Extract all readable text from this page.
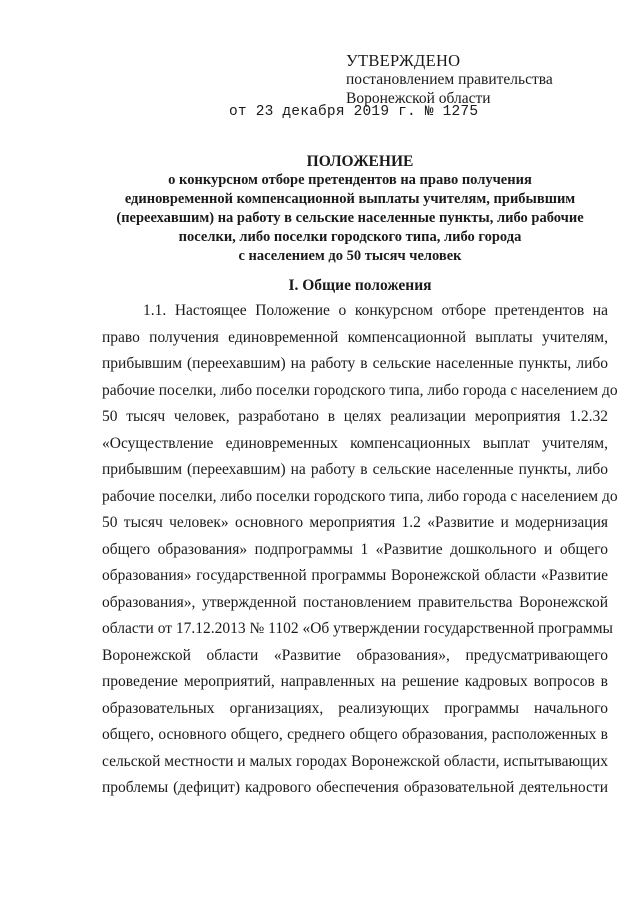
УТВЕРЖДЕНО
постановлением правительства
Воронежской области
от 23 декабря 2019 г. № 1275
ПОЛОЖЕНИЕ
о конкурсном отборе претендентов на право получения
единовременной компенсационной выплаты учителям, прибывшим
(переехавшим) на работу в сельские населенные пункты, либо рабочие
поселки, либо поселки городского типа, либо города
с населением до 50 тысяч человек
I. Общие положения
1.1. Настоящее Положение о конкурсном отборе претендентов на
право получения единовременной компенсационной выплаты учителям,
прибывшим (переехавшим) на работу в сельские населенные пункты, либо
рабочие поселки, либо поселки городского типа, либо города с населением до
50 тысяч человек, разработано в целях реализации мероприятия 1.2.32
«Осуществление единовременных компенсационных выплат учителям,
прибывшим (переехавшим) на работу в сельские населенные пункты, либо
рабочие поселки, либо поселки городского типа, либо города с населением до
50 тысяч человек» основного мероприятия 1.2 «Развитие и модернизация
общего образования» подпрограммы 1 «Развитие дошкольного и общего
образования» государственной программы Воронежской области «Развитие
образования», утвержденной постановлением правительства Воронежской
области от 17.12.2013 № 1102 «Об утверждении государственной программы
Воронежской области «Развитие образования», предусматривающего
проведение мероприятий, направленных на решение кадровых вопросов в
образовательных организациях, реализующих программы начального
общего, основного общего, среднего общего образования, расположенных в
сельской местности и малых городах Воронежской области, испытывающих
проблемы (дефицит) кадрового обеспечения образовательной деятельности
